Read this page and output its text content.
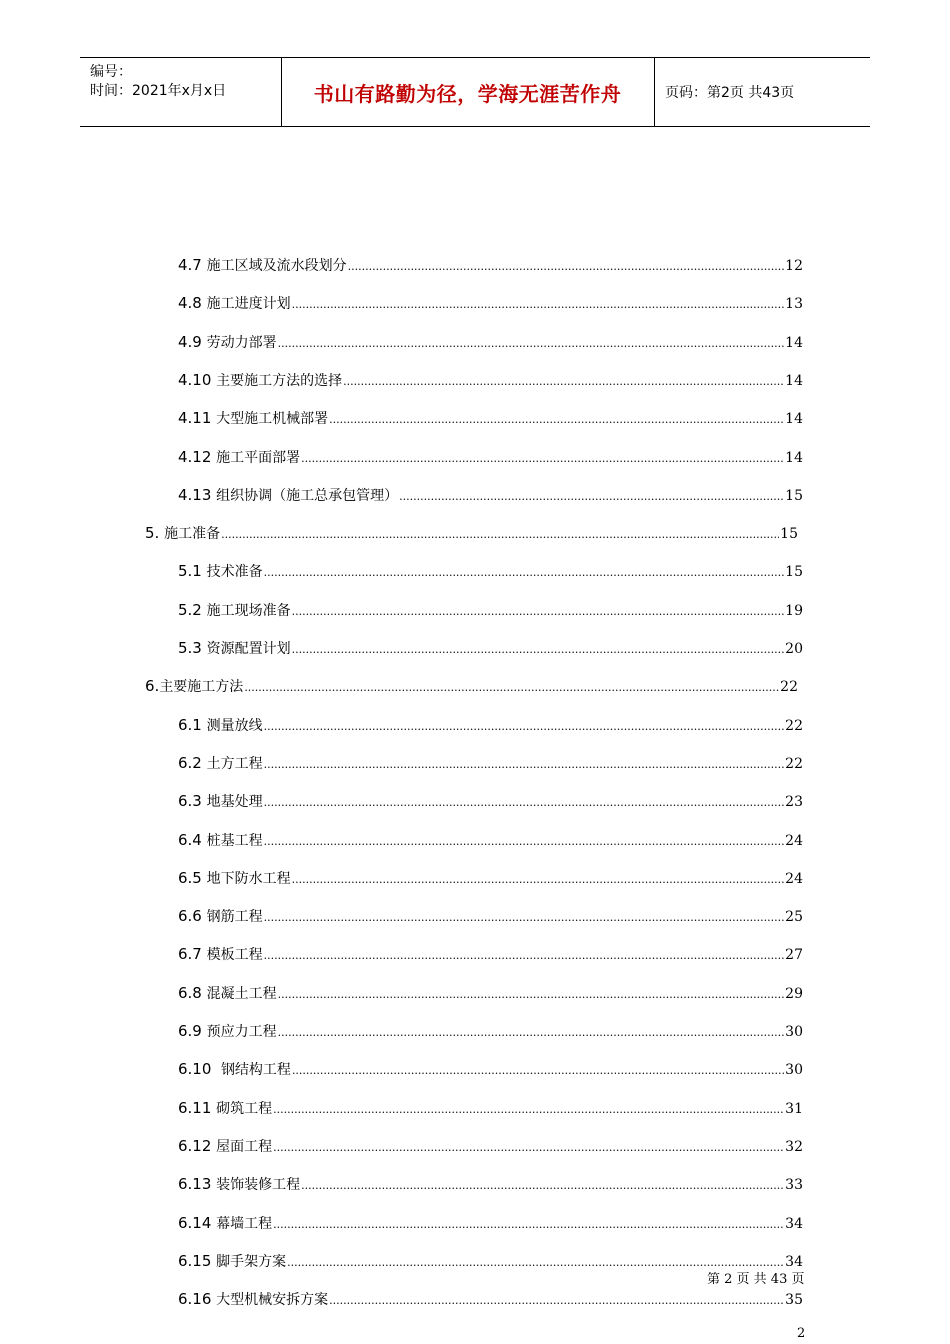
编号：
时间：2021年x月x日	书山有路勤为径，学海无涯苦作舟	页码：第2页 共43页
4.7 施工区域及流水段划分 .....	12
4.8 施工进度计划 .....	13
4.9 劳动力部署 .....	14
4.10 主要施工方法的选择 .....	14
4.11 大型施工机械部署 .....	14
4.12 施工平面部署 .....	14
4.13 组织协调（施工总承包管理） .....	15
5. 施工准备 .....	15
5.1 技术准备 .....	15
5.2 施工现场准备 .....	19
5.3 资源配置计划 .....	20
6. 主要施工方法 .....	22
6.1 测量放线 .....	22
6.2 土方工程 .....	22
6.3 地基处理 .....	23
6.4 桩基工程 .....	24
6.5 地下防水工程 .....	24
6.6 钢筋工程 .....	25
6.7 模板工程 .....	27
6.8 混凝土工程 .....	29
6.9 预应力工程 .....	30
6.10 钢结构工程 .....	30
6.11 砌筑工程 .....	31
6.12 屋面工程 .....	32
6.13 装饰装修工程 .....	33
6.14 幕墙工程 .....	34
6.15 脚手架方案 .....	34
6.16 大型机械安拆方案 .....	35
第 2 页 共 43 页
2
